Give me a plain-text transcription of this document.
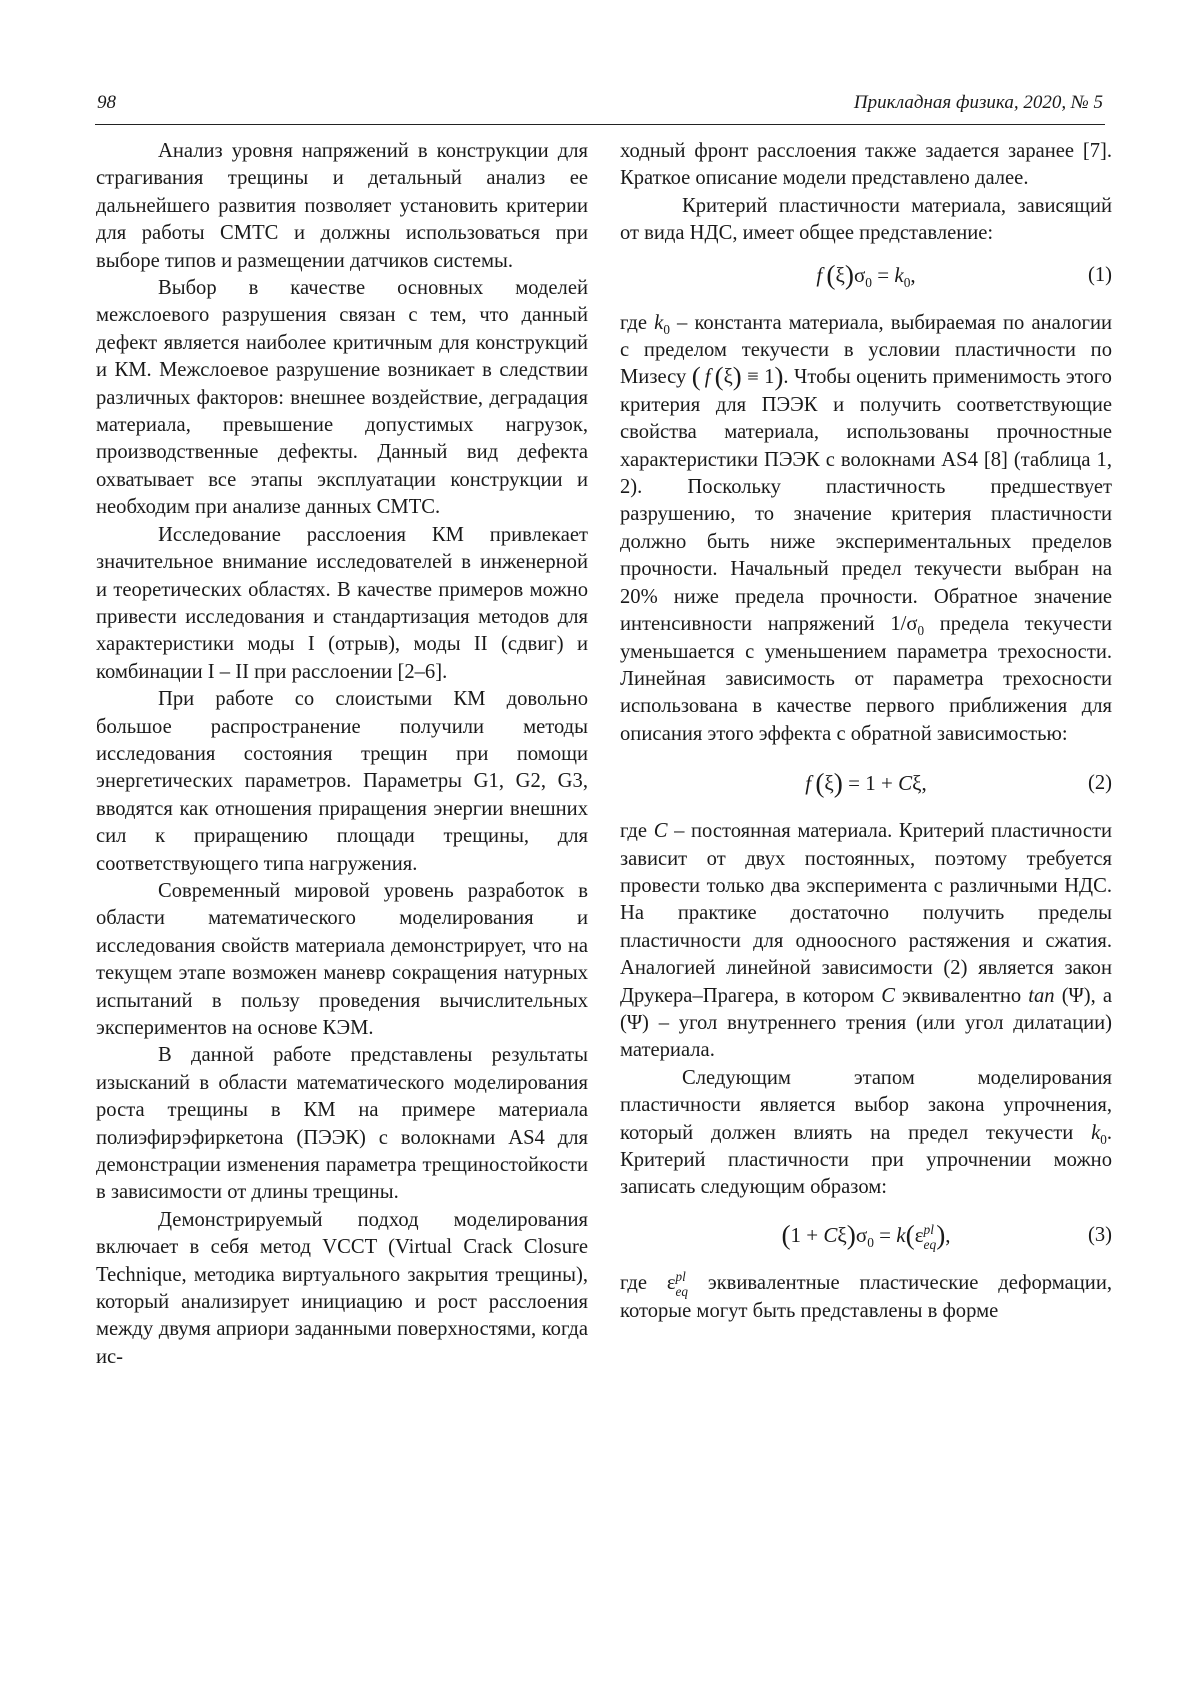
98	Прикладная физика, 2020, № 5

Анализ уровня напряжений в конструкции для страгивания трещины и детальный анализ ее дальнейшего развития позволяет установить критерии для работы СМТС и должны использоваться при выборе типов и размещении датчиков системы.

Выбор в качестве основных моделей межслоевого разрушения связан с тем, что данный дефект является наиболее критичным для конструкций и КМ. Межслоевое разрушение возникает в следствии различных факторов: внешнее воздействие, деградация материала, превышение допустимых нагрузок, производственные дефекты. Данный вид дефекта охватывает все этапы эксплуатации конструкции и необходим при анализе данных СМТС.

Исследование расслоения КМ привлекает значительное внимание исследователей в инженерной и теоретических областях. В качестве примеров можно привести исследования и стандартизация методов для характеристики моды I (отрыв), моды II (сдвиг) и комбинации I – II при расслоении [2–6].

При работе со слоистыми КМ довольно большое распространение получили методы исследования состояния трещин при помощи энергетических параметров. Параметры G1, G2, G3, вводятся как отношения приращения энергии внешних сил к приращению площади трещины, для соответствующего типа нагружения.

Современный мировой уровень разработок в области математического моделирования и исследования свойств материала демонстрирует, что на текущем этапе возможен маневр сокращения натурных испытаний в пользу проведения вычислительных экспериментов на основе КЭМ.

В данной работе представлены результаты изысканий в области математического моделирования роста трещины в КМ на примере материала полиэфирэфиркетона (ПЭЭК) с волокнами AS4 для демонстрации изменения параметра трещиностойкости в зависимости от длины трещины.

Демонстрируемый подход моделирования включает в себя метод VCCT (Virtual Crack Closure Technique, методика виртуального закрытия трещины), который анализирует инициацию и рост расслоения между двумя априори заданными поверхностями, когда ис-

ходный фронт расслоения также задается заранее [7]. Краткое описание модели представлено далее.

Критерий пластичности материала, зависящий от вида НДС, имеет общее представление:

f  $(\xi)\sigma_0 = k_0$,	(1)

где $k_0$ – константа материала, выбираемая по аналогии с пределом текучести в условии пластичности по Мизесу (  f  (ξ) ≡ 1). Чтобы оценить применимость этого критерия для ПЭЭК и получить соответствующие свойства материала, использованы прочностные характеристики ПЭЭК с волокнами AS4 [8] (таблица 1, 2). Поскольку пластичность предшествует разрушению, то значение критерия пластичности должно быть ниже экспериментальных пределов прочности. Начальный предел текучести выбран на 20% ниже предела прочности. Обратное значение интенсивности напряжений $1/\sigma_0$ предела текучести уменьшается с уменьшением параметра трехосности. Линейная зависимость от параметра трехосности использована в качестве первого приближения для описания этого эффекта с обратной зависимостью:

f  (ξ) = 1 + Cξ,	(2)

где C – постоянная материала. Критерий пластичности зависит от двух постоянных, поэтому требуется провести только два эксперимента с различными НДС. На практике достаточно получить пределы пластичности для одноосного растяжения и сжатия. Аналогией линейной зависимости (2) является закон Друкера–Прагера, в котором C эквивалентно tan (Ψ), а (Ψ) – угол внутреннего трения (или угол дилатации) материала.

Следующим этапом моделирования пластичности является выбор закона упрочнения, который должен влиять на предел текучести $k_0$. Критерий пластичности при упрочнении можно записать следующим образом:

$(1 + C\xi)\sigma_0 = k(\varepsilon$ pl
eq ),	(3)

где ε pl
eq эквивалентные пластические деформации, которые могут быть представлены в форме
